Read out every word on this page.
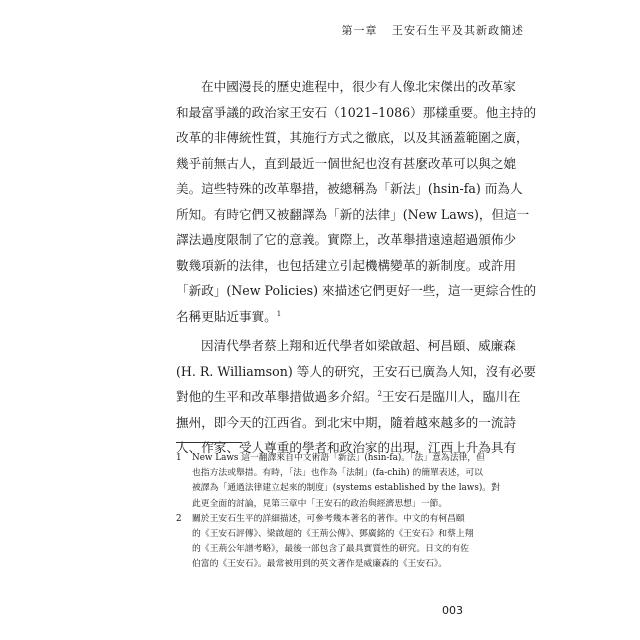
第一章 王安石生平及其新政簡述
在中國漫長的歷史進程中，很少有人像北宋傑出的改革家
和最富爭議的政治家王安石（1021–1086）那樣重要。他主持的
改革的非傳統性質，其施行方式之徹底，以及其涵蓋範圍之廣，
幾乎前無古人，直到最近一個世紀也沒有甚麼改革可以與之媲
美。這些特殊的改革舉措，被總稱為「新法」(hsin-fa) 而為人
所知。有時它們又被翻譯為「新的法律」(New Laws)，但這一
譯法過度限制了它的意義。實際上，改革舉措遠遠超過頒佈少
數幾項新的法律，也包括建立引起機構變革的新制度。或許用
「新政」(New Policies) 來描述它們更好一些，這一更綜合性的
名稱更貼近事實。$^1$
因清代學者蔡上翔和近代學者如梁啟超、柯昌頤、威廉森
(H. R. Williamson) 等人的研究，王安石已廣為人知，沒有必要
對他的生平和改革舉措做過多介紹。$^2$王安石是臨川人，臨川在
撫州，即今天的江西省。到北宋中期，隨着越來越多的一流詩
人、作家、受人尊重的學者和政治家的出現，江西上升為具有
1 New Laws 這一翻譯來自中文術語「新法」(hsin-fa)。「法」意為法律，但
也指方法或舉措。有時，「法」也作為「法制」(fa-chih) 的簡單表述，可以
被譯為「通過法律建立起來的制度」(systems established by the laws)。對
此更全面的討論，見第三章中「王安石的政治與經濟思想」一節。
2 關於王安石生平的詳細描述，可參考幾本著名的著作。中文的有柯昌頤
的《王安石評傳》、梁啟超的《王荊公傳》、鄧廣銘的《王安石》和蔡上翔
的《王荊公年譜考略》，最後一部包含了最具實質性的研究。日文的有佐
伯富的《王安石》。最常被用到的英文著作是威廉森的《王安石》。
003
